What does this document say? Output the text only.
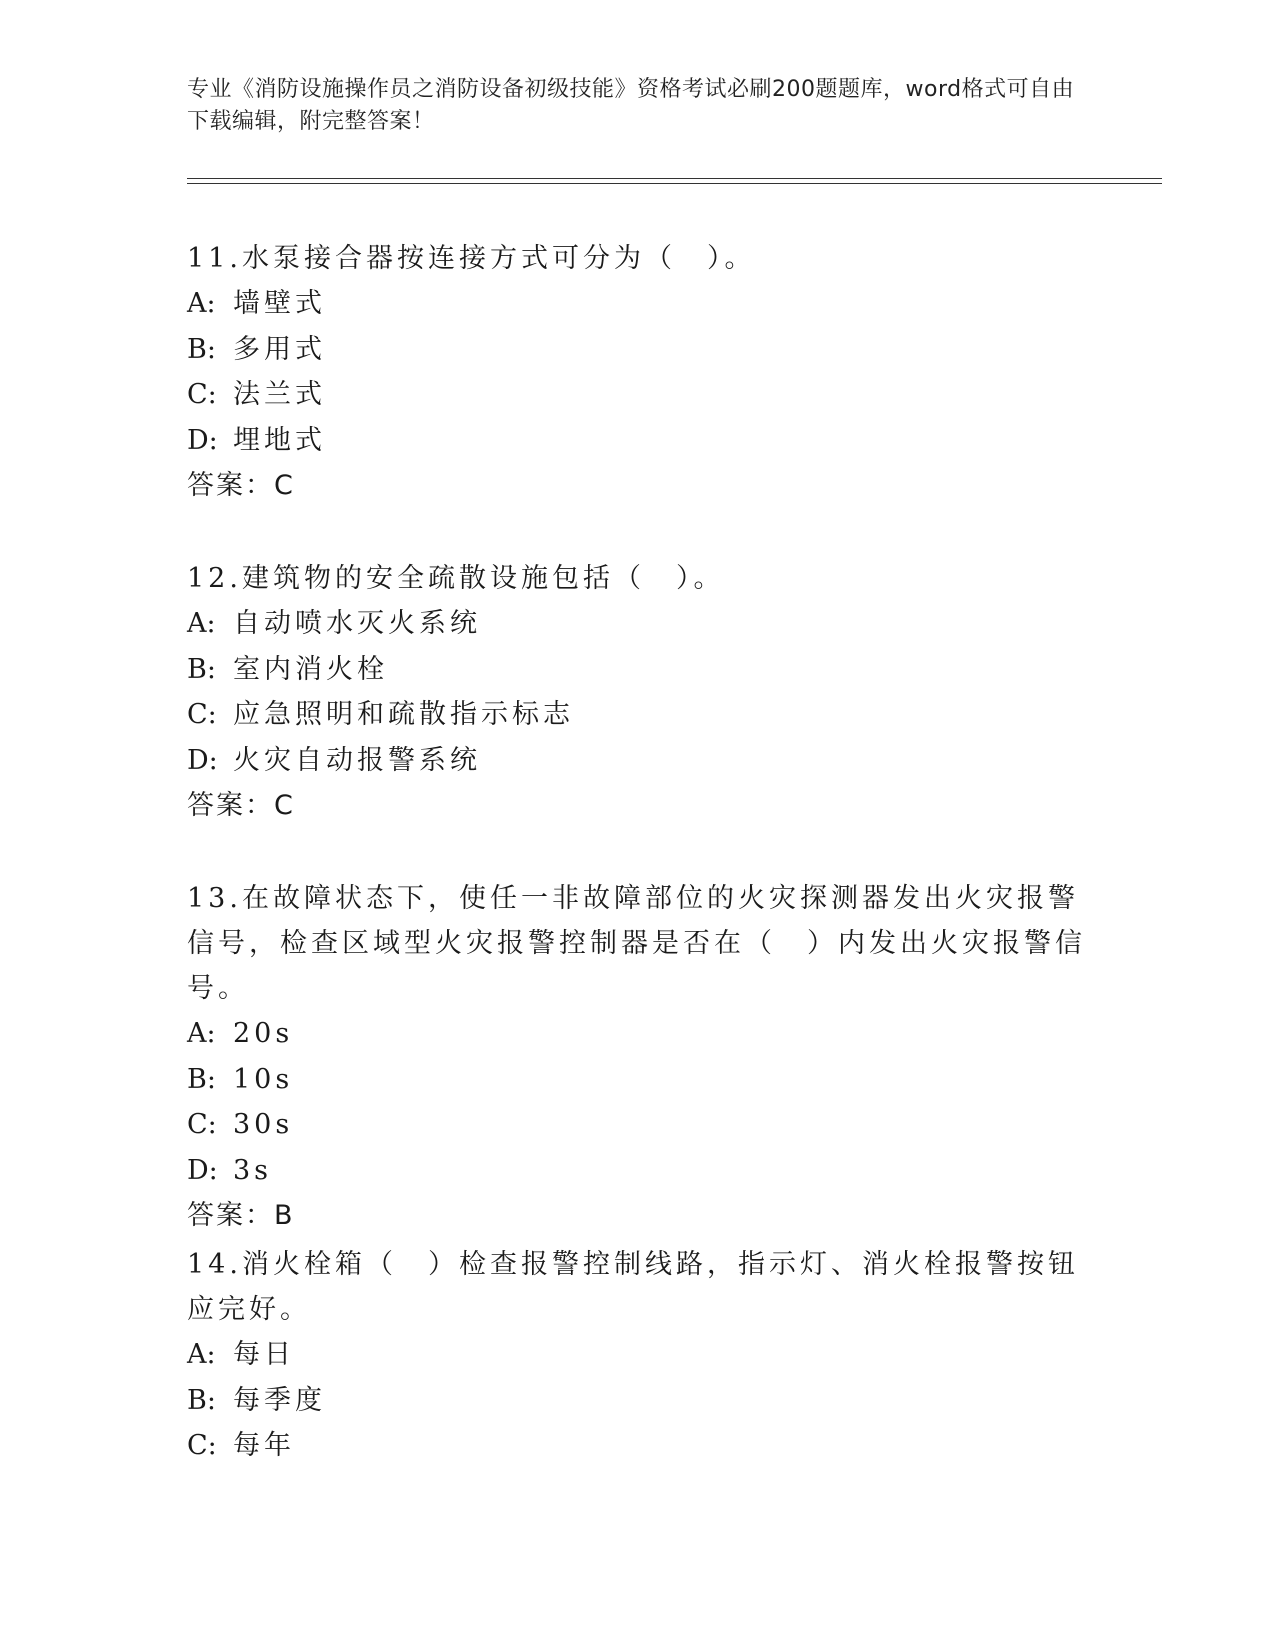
专业《消防设施操作员之消防设备初级技能》资格考试必刷200题题库，word格式可自由下载编辑，附完整答案！

11.水泵接合器按连接方式可分为（　）。

A: 墙壁式

B: 多用式

C: 法兰式

D: 埋地式

答案：C

12.建筑物的安全疏散设施包括（　）。

A: 自动喷水灭火系统

B: 室内消火栓

C: 应急照明和疏散指示标志

D: 火灾自动报警系统

答案：C

13.在故障状态下，使任一非故障部位的火灾探测器发出火灾报警信号，检查区域型火灾报警控制器是否在（　）内发出火灾报警信号。

A: 20s

B: 10s

C: 30s

D: 3s

答案：B

14.消火栓箱（　）检查报警控制线路，指示灯、消火栓报警按钮应完好。

A: 每日

B: 每季度

C: 每年
